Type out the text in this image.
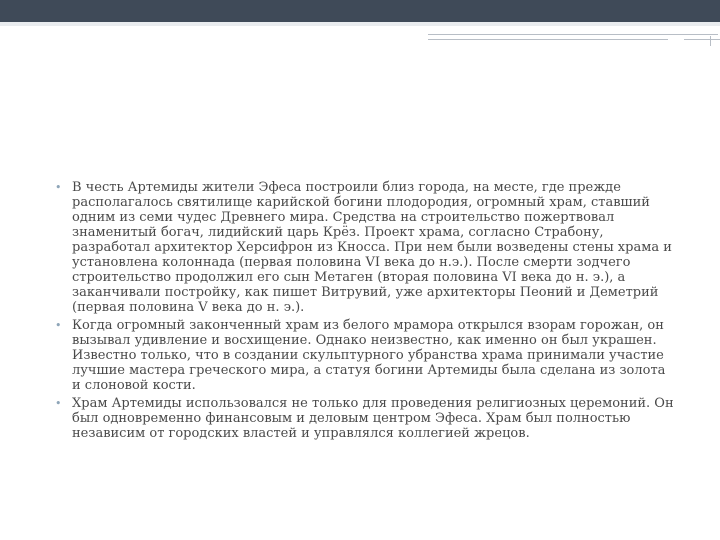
• В честь Артемиды жители Эфеса построили близ города, на месте, где прежде располагалось святилище карийской богини плодородия, огромный храм, ставший одним из семи чудес Древнего мира. Средства на строительство пожертвовал знаменитый богач, лидийский царь Крёз. Проект храма, согласно Страбону, разработал архитектор Херсифрон из Кносса. При нем были возведены стены храма и установлена колоннада (первая половина VI века до н.э.). После смерти зодчего строительство продолжил его сын Метаген (вторая половина VI века до н. э.), а заканчивали постройку, как пишет Витрувий, уже архитекторы Пеоний и Деметрий (первая половина V века до н. э.).
• Когда огромный законченный храм из белого мрамора открылся взорам горожан, он вызывал удивление и восхищение. Однако неизвестно, как именно он был украшен. Известно только, что в создании скульптурного убранства храма принимали участие лучшие мастера греческого мира, а статуя богини Артемиды была сделана из золота и слоновой кости.
• Храм Артемиды использовался не только для проведения религиозных церемоний. Он был одновременно финансовым и деловым центром Эфеса. Храм был полностью независим от городских властей и управлялся коллегией жрецов.
